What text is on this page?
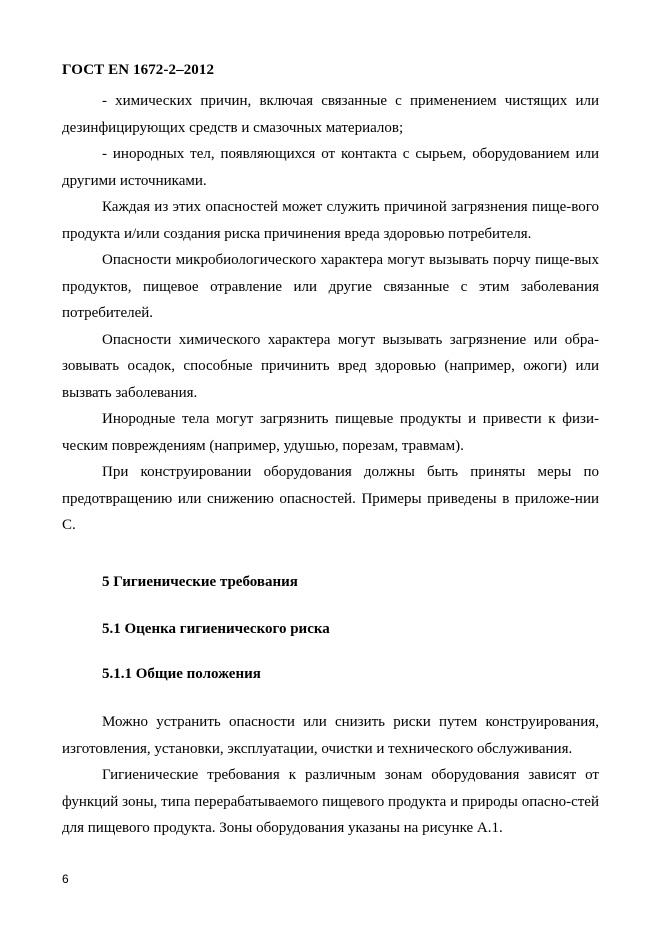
ГОСТ EN 1672-2–2012

- химических причин, включая связанные с применением чистящих или дезинфицирующих средств и смазочных материалов;

- инородных тел, появляющихся от контакта с сырьем, оборудованием или другими источниками.

Каждая из этих опасностей может служить причиной загрязнения пище-вого продукта и/или создания риска причинения вреда здоровью потребителя.

Опасности микробиологического характера могут вызывать порчу пище-вых продуктов, пищевое отравление или другие связанные с этим заболевания потребителей.

Опасности химического характера могут вызывать загрязнение или обра-зовывать осадок, способные причинить вред здоровью (например, ожоги) или вызвать заболевания.

Инородные тела могут загрязнить пищевые продукты и привести к физи-ческим повреждениям (например, удушью, порезам, травмам).

При конструировании оборудования должны быть приняты меры по предотвращению или снижению опасностей. Примеры приведены в приложе-нии С.

5 Гигиенические требования
5.1 Оценка гигиенического риска
5.1.1 Общие положения

Можно устранить опасности или снизить риски путем конструирования, изготовления, установки, эксплуатации, очистки и технического обслуживания.

Гигиенические требования к различным зонам оборудования зависят от функций зоны, типа перерабатываемого пищевого продукта и природы опасно-стей для пищевого продукта. Зоны оборудования указаны на рисунке А.1.

6
